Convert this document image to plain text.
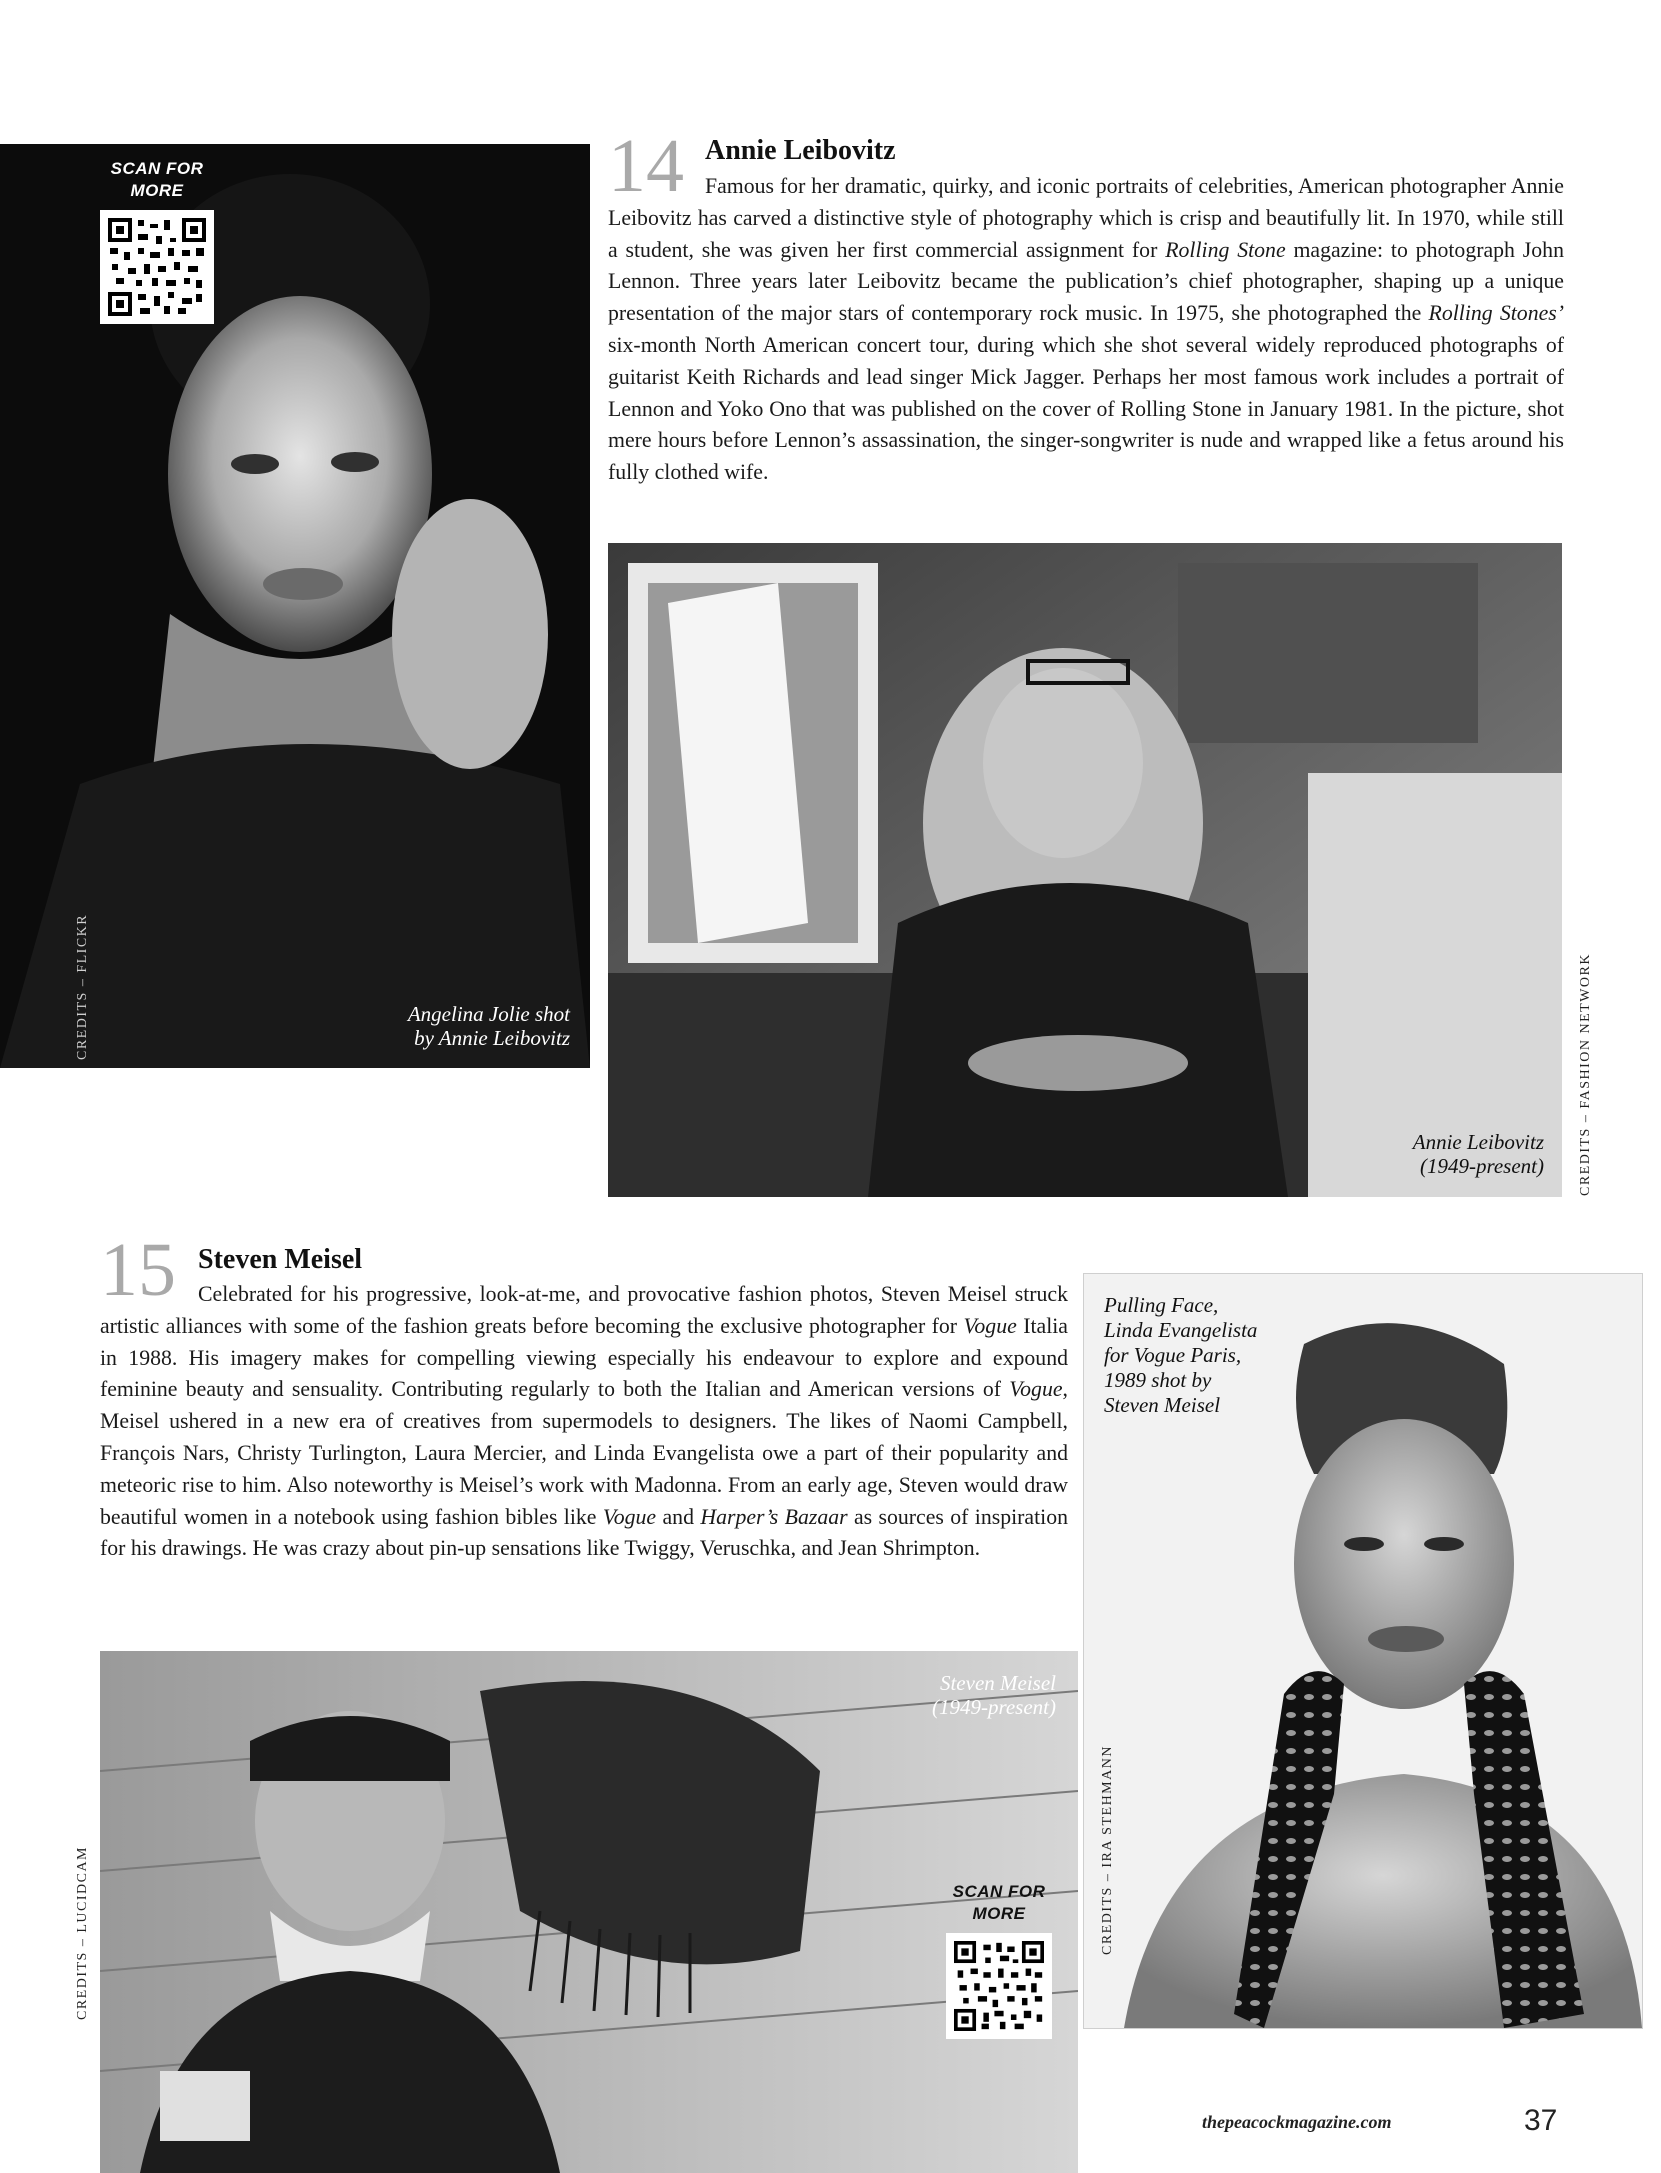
SCAN FOR
MORE
Angelina Jolie shot
by Annie Leibovitz
CREDITS – FLICKR
14 Annie Leibovitz

Famous for her dramatic, quirky, and iconic portraits of celebrities, American photographer Annie Leibovitz has carved a distinctive style of photography which is crisp and beautifully lit. In 1970, while still a student, she was given her first commercial assignment for Rolling Stone magazine: to photograph John Lennon. Three years later Leibovitz became the publication’s chief photographer, shaping up a unique presentation of the major stars of contemporary rock music. In 1975, she photographed the Rolling Stones’ six-month North American concert tour, during which she shot several widely reproduced photographs of guitarist Keith Richards and lead singer Mick Jagger. Perhaps her most famous work includes a portrait of Lennon and Yoko Ono that was published on the cover of Rolling Stone in January 1981. In the picture, shot mere hours before Lennon’s assassination, the singer-songwriter is nude and wrapped like a fetus around his fully clothed wife.

Annie Leibovitz
(1949-present) CREDITS – FASHION NETWORK
15 Steven Meisel

Celebrated for his progressive, look-at-me, and provocative fashion photos, Steven Meisel struck artistic alliances with some of the fashion greats before becoming the exclusive photographer for Vogue Italia in 1988. His imagery makes for compelling viewing especially his endeavour to explore and expound feminine beauty and sensuality. Contributing regularly to both the Italian and American versions of Vogue, Meisel ushered in a new era of creatives from supermodels to designers. The likes of Naomi Campbell, François Nars, Christy Turlington, Laura Mercier, and Linda Evangelista owe a part of their popularity and meteoric rise to him. Also noteworthy is Meisel’s work with Madonna. From an early age, Steven would draw beautiful women in a notebook using fashion bibles like Vogue and Harper’s Bazaar as sources of inspiration for his drawings. He was crazy about pin-up sensations like Twiggy, Veruschka, and Jean Shrimpton.

Pulling Face,
Linda Evangelista
for Vogue Paris,
1989 shot by
Steven Meisel
CREDITS – IRA STEHMANN
Steven Meisel
(1949-present)
CREDITS – LUCIDCAM	SCAN FOR
MORE
thepeacockmagazine.com	37
